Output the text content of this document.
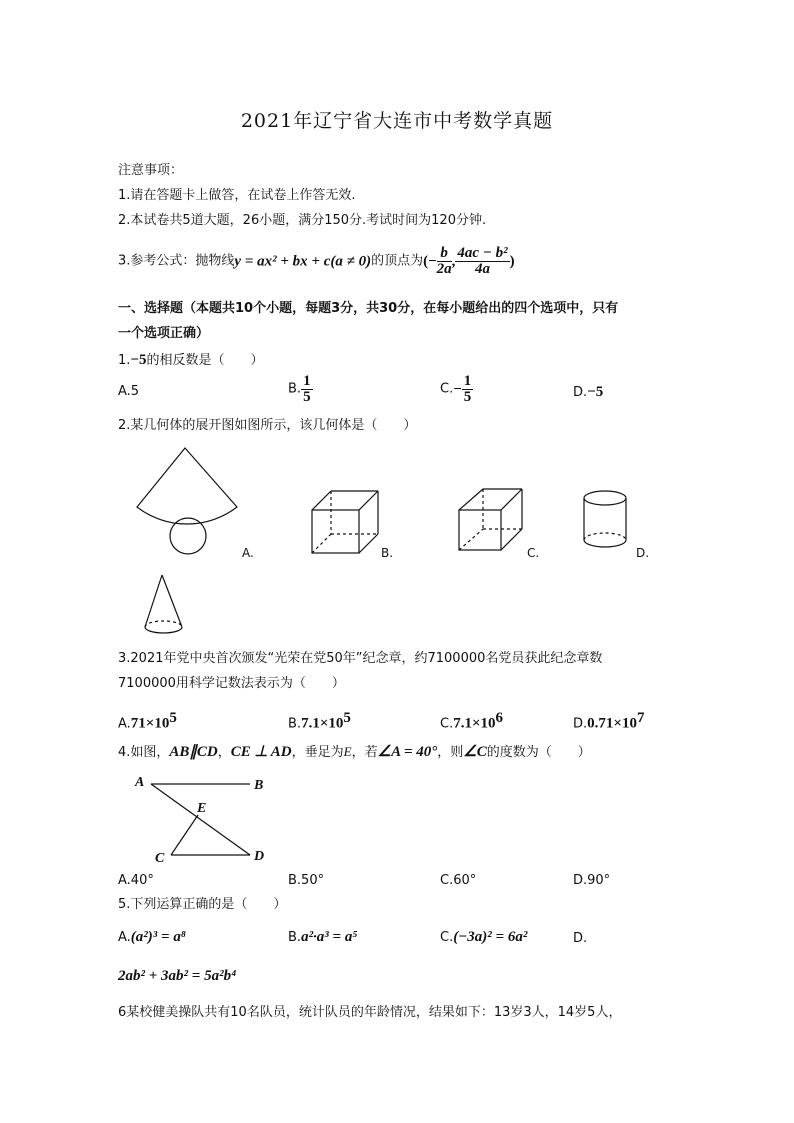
2021年辽宁省大连市中考数学真题
注意事项：
1.请在答题卡上做答，在试卷上作答无效.
2.本试卷共5道大题，26小题，满分150分.考试时间为120分钟.
3.参考公式：抛物线y = ax² + bx + c(a ≠ 0)的顶点为(− $\frac{b}{2a}$ , $\frac{\text{4ac − b²}}{4a}$ )
一、选择题（本题共10个小题，每题3分，共30分，在每小题给出的四个选项中，只有
一个选项正确）
1.−5的相反数是（　　）
A.5	B. $\frac{1}{5}$	$C.- \frac{1}{5}$	D.−5
2.某几何体的展开图如图所示，该几何体是（　　）
A.	B.	C.	D.
3.2021年党中央首次颁发“光荣在党50年”纪念章，约7100000名党员获此纪念章数
7100000用科学记数法表示为（　　）
$A.71\times 10^5$	$B.7.1\times 10^5$	$C.7.1\times 10^6$	$D.0.71\times 10^7$
4.如图，AB∥CD，CE ⊥ AD，垂足为E，若∠A = 40°，则∠C的度数为（　　）
A	B
E
C	D
A.40°	B.50°	C.60°	D.90°
5.下列运算正确的是（　　）
A.(a²)³ = a⁸	B.a²·a³ = a⁵	C.(−3a)² = 6a²	D.
2ab² + 3ab² = 5a²b⁴
6某校健美操队共有10名队员，统计队员的年龄情况，结果如下：13岁3人，14岁5人，
